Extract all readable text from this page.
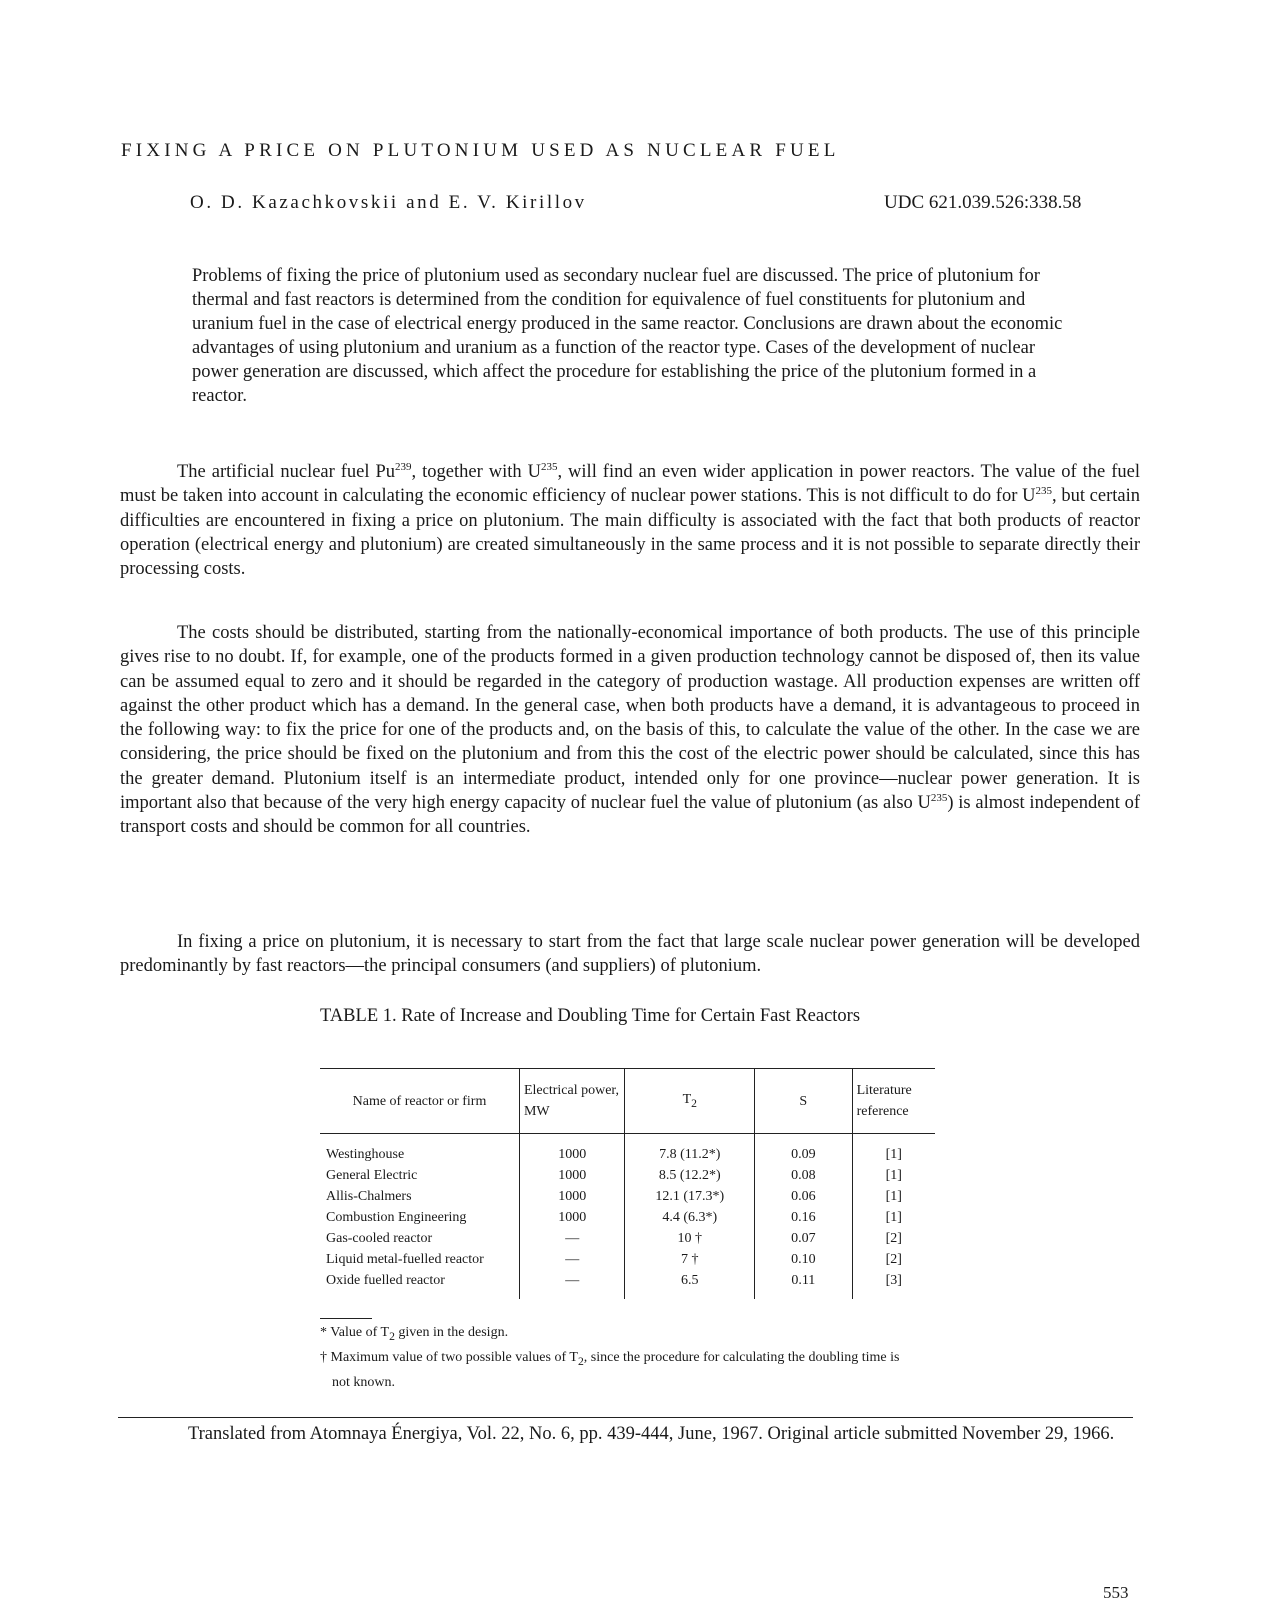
FIXING A PRICE ON PLUTONIUM USED AS NUCLEAR FUEL
O. D. Kazachkovskii and E. V. Kirillov	UDC 621.039.526:338.58

Problems of fixing the price of plutonium used as secondary nuclear fuel are discussed. The price of plutonium for thermal and fast reactors is determined from the condition for equivalence of fuel constituents for plutonium and uranium fuel in the case of electrical energy produced in the same reactor. Conclusions are drawn about the economic advantages of using plutonium and uranium as a function of the reactor type. Cases of the development of nuclear power generation are discussed, which affect the procedure for establishing the price of the plutonium formed in a reactor.

The artificial nuclear fuel Pu$^{239}$, together with $U^{235}$, will find an even wider application in power reactors. The value of the fuel must be taken into account in calculating the economic efficiency of nuclear power stations. This is not difficult to do for $U^{235}$, but certain difficulties are encountered in fixing a price on plutonium. The main difficulty is associated with the fact that both products of reactor operation (electrical energy and plutonium) are created simultaneously in the same process and it is not possible to separate directly their processing costs.

The costs should be distributed, starting from the nationally-economical importance of both products. The use of this principle gives rise to no doubt. If, for example, one of the products formed in a given production technology cannot be disposed of, then its value can be assumed equal to zero and it should be regarded in the category of production wastage. All production expenses are written off against the other product which has a demand. In the general case, when both products have a demand, it is advantageous to proceed in the following way: to fix the price for one of the products and, on the basis of this, to calculate the value of the other. In the case we are considering, the price should be fixed on the plutonium and from this the cost of the electric power should be calculated, since this has the greater demand. Plutonium itself is an intermediate product, intended only for one province—nuclear power generation. It is important also that because of the very high energy capacity of nuclear fuel the value of plutonium (as also $U^{235}$) is almost independent of transport costs and should be common for all countries.

In fixing a price on plutonium, it is necessary to start from the fact that large scale nuclear power generation will be developed predominantly by fast reactors—the principal consumers (and suppliers) of plutonium.

TABLE 1. Rate of Increase and Doubling Time for Certain Fast Reactors
Name of reactor or firm	Electrical power, MW	$T_2$	S	Literature reference
Westinghouse	1000	7.8 (11.2*)	0.09	[1]
General Electric	1000	8.5 (12.2*)	0.08	[1]
Allis-Chalmers	1000	12.1 (17.3*)	0.06	[1]
Combustion Engineering	1000	4.4 (6.3*)	0.16	[1]
Gas-cooled reactor	—	10 †	0.07	[2]
Liquid metal-fuelled reactor	—	7 †	0.10	[2]
Oxide fuelled reactor	—	6.5	0.11	[3]

* Value of $T_2$ given in the design.

† Maximum value of two possible values of $T_2$, since the procedure for calculating the doubling time is not known.

Translated from Atomnaya Énergiya, Vol. 22, No. 6, pp. 439-444, June, 1967. Original article submitted November 29, 1966.

553
